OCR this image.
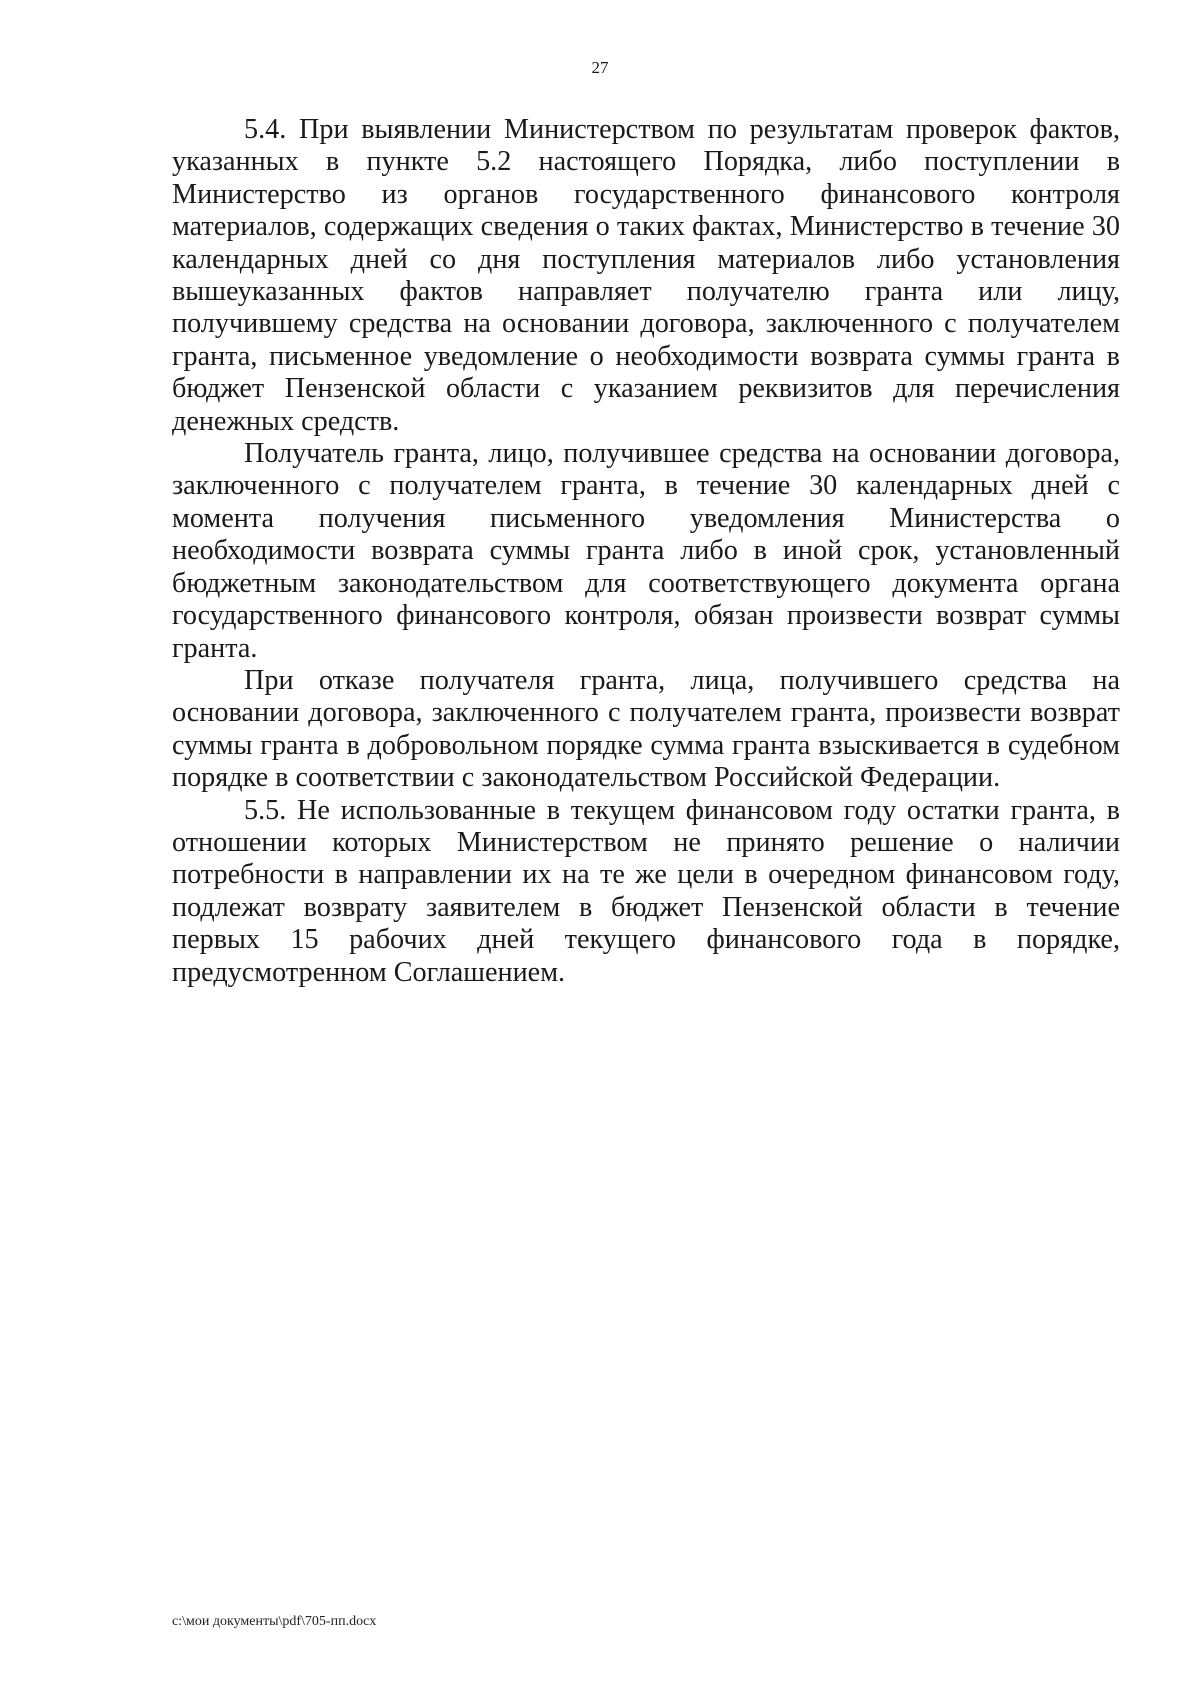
27

5.4. При выявлении Министерством по результатам проверок фактов, указанных в пункте 5.2 настоящего Порядка, либо поступлении в Министерство из органов государственного финансового контроля материалов, содержащих сведения о таких фактах, Министерство в течение 30 календарных дней со дня поступления материалов либо установления вышеуказанных фактов направляет получателю гранта или лицу, получившему средства на основании договора, заключенного с получателем гранта, письменное уведомление о необходимости возврата суммы гранта в бюджет Пензенской области с указанием реквизитов для перечисления денежных средств.

Получатель гранта, лицо, получившее средства на основании договора, заключенного с получателем гранта, в течение 30 календарных дней с момента получения письменного уведомления Министерства о необходимости возврата суммы гранта либо в иной срок, установленный бюджетным законодательством для соответствующего документа органа государственного финансового контроля, обязан произвести возврат суммы гранта.

При отказе получателя гранта, лица, получившего средства на основании договора, заключенного с получателем гранта, произвести возврат суммы гранта в добровольном порядке сумма гранта взыскивается в судебном порядке в соответствии с законодательством Российской Федерации.

5.5. Не использованные в текущем финансовом году остатки гранта, в отношении которых Министерством не принято решение о наличии потребности в направлении их на те же цели в очередном финансовом году, подлежат возврату заявителем в бюджет Пензенской области в течение первых 15 рабочих дней текущего финансового года в порядке, предусмотренном Соглашением.

c:\мои документы\pdf\705-пп.docx
